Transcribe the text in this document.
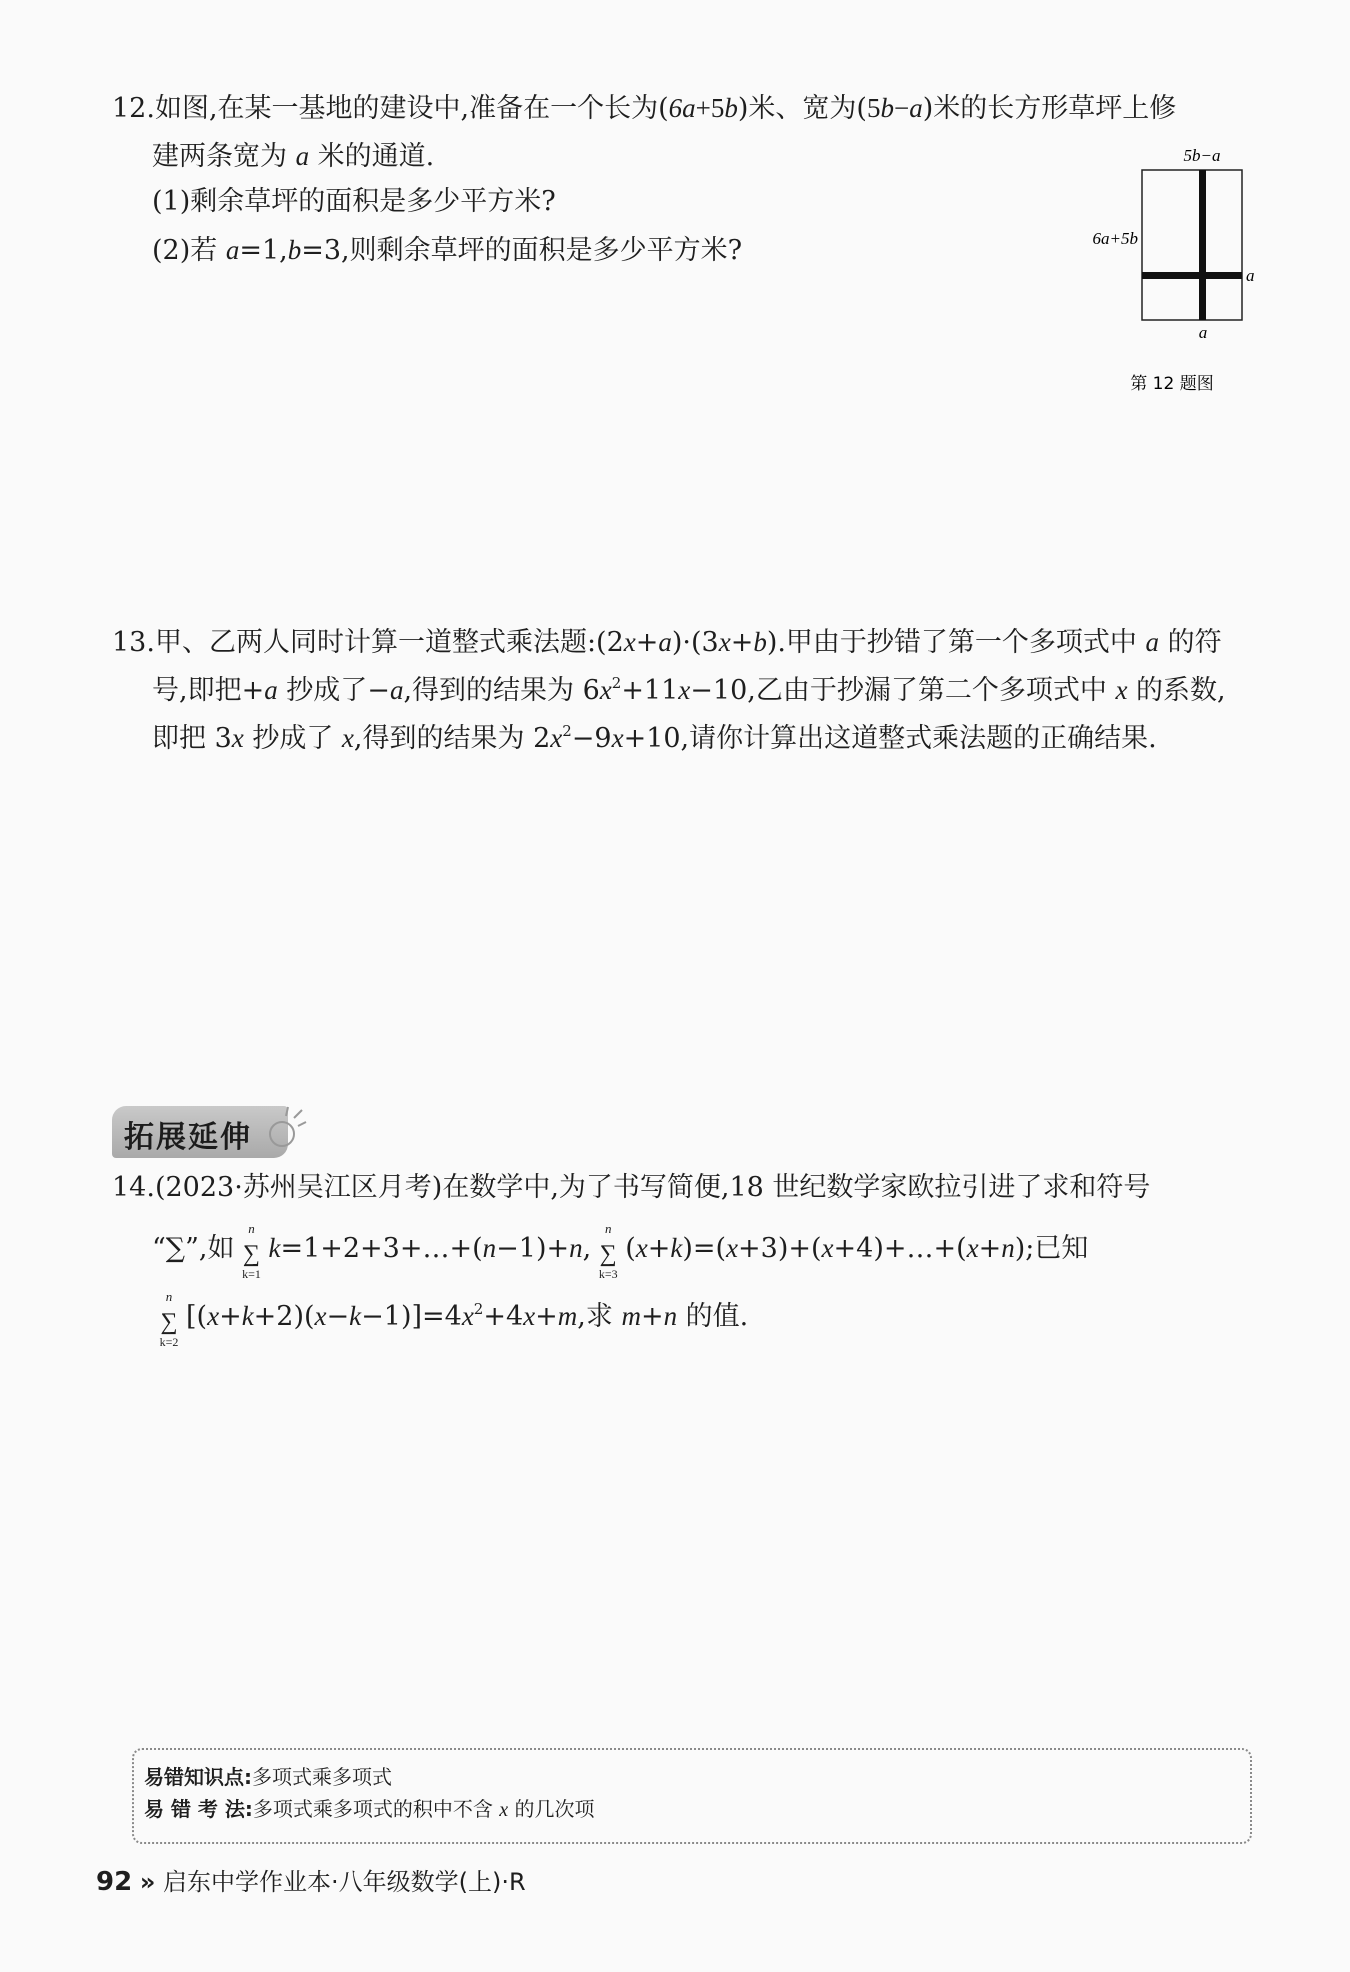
12.如图,在某一基地的建设中,准备在一个长为(6a+5b)米、宽为(5b−a)米的长方形草坪上修
建两条宽为 a 米的通道.
(1)剩余草坪的面积是多少平方米?
(2)若 a=1,b=3,则剩余草坪的面积是多少平方米?
5b−a
6a+5b
a
a
第 12 题图
13.甲、乙两人同时计算一道整式乘法题:(2x+a)·(3x+b).甲由于抄错了第一个多项式中 a 的符
号,即把+a 抄成了−a,得到的结果为 $6x^2+11x-10$,乙由于抄漏了第二个多项式中 x 的系数,
即把 3x 抄成了 x,得到的结果为 $2x^2-9x+10$,请你计算出这道整式乘法题的正确结果.
拓展延伸
14.(2023·苏州吴江区月考)在数学中,为了书写简便,18 世纪数学家欧拉引进了求和符号
“∑”,如
n
∑
k=1
k=1+2+3+…+(n−1)+n,
n
∑
k=3
(x+k)=(x+3)+(x+4)+…+(x+n);已知
n
∑
k=2
$[(x+k+2)(x-k-1)]=4x^2+4x+m$,求 m+n 的值.
易错知识点:多项式乘多项式
易 错 考 法:多项式乘多项式的积中不含 x 的几次项
92 » 启东中学作业本·八年级数学(上)·R
